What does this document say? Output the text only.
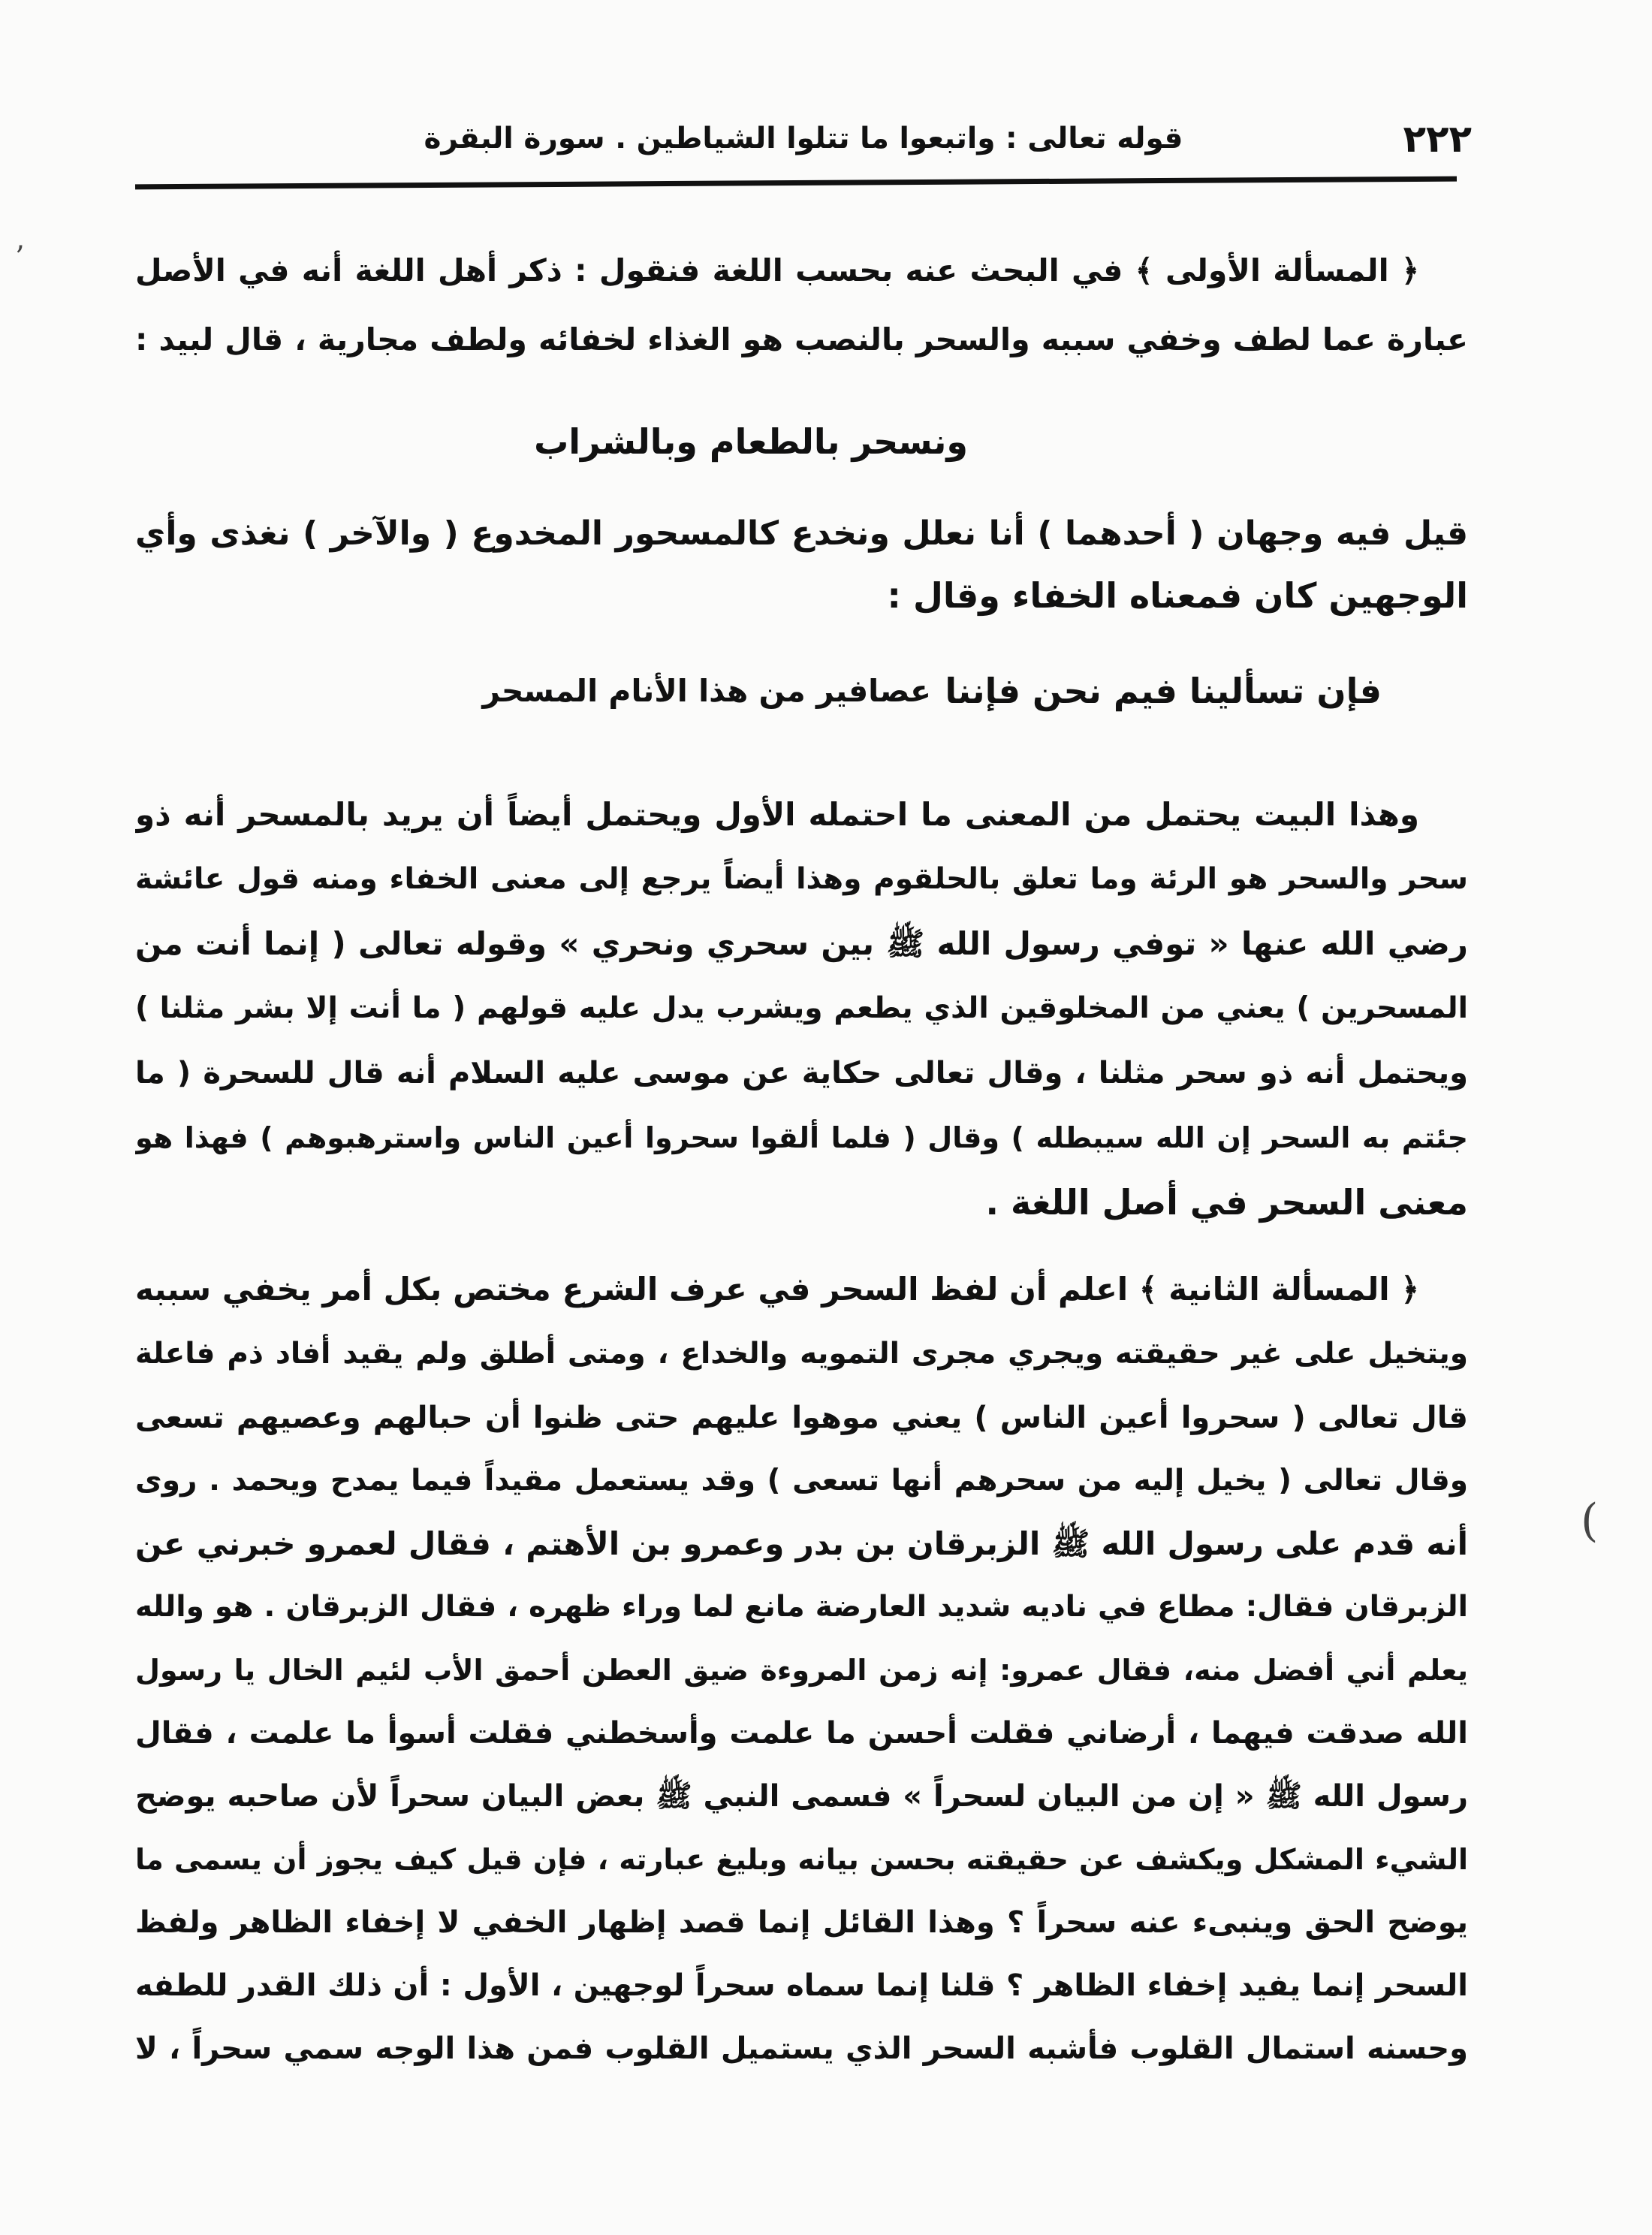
٢٢٢
قوله تعالى : واتبعوا ما تتلوا الشياطين . سورة البقرة
’
(
﴿ المسألة الأولى ﴾ في البحث عنه بحسب اللغة فنقول : ذكر أهل اللغة أنه في الأصل
عبارة عما لطف وخفي سببه والسحر بالنصب هو الغذاء لخفائه ولطف مجارية ، قال لبيد :
ونسحر بالطعام وبالشراب
قيل فيه وجهان ( أحدهما ) أنا نعلل ونخدع كالمسحور المخدوع ( والآخر ) نغذى وأي
الوجهين كان فمعناه الخفاء وقال :
فإن تسألينا فيم نحن فإننا
عصافير من هذا الأنام المسحر
وهذا البيت يحتمل من المعنى ما احتمله الأول ويحتمل أيضاً أن يريد بالمسحر أنه ذو
سحر والسحر هو الرئة وما تعلق بالحلقوم وهذا أيضاً يرجع إلى معنى الخفاء ومنه قول عائشة
رضي الله عنها « توفي رسول الله ﷺ بين سحري ونحري » وقوله تعالى ( إنما أنت من
المسحرين ) يعني من المخلوقين الذي يطعم ويشرب يدل عليه قولهم ( ما أنت إلا بشر مثلنا )
ويحتمل أنه ذو سحر مثلنا ، وقال تعالى حكاية عن موسى عليه السلام أنه قال للسحرة ( ما
جئتم به السحر إن الله سيبطله ) وقال ( فلما ألقوا سحروا أعين الناس واسترهبوهم ) فهذا هو
معنى السحر في أصل اللغة .
﴿ المسألة الثانية ﴾ اعلم أن لفظ السحر في عرف الشرع مختص بكل أمر يخفي سببه
ويتخيل على غير حقيقته ويجري مجرى التمويه والخداع ، ومتى أطلق ولم يقيد أفاد ذم فاعلة
قال تعالى ( سحروا أعين الناس ) يعني موهوا عليهم حتى ظنوا أن حبالهم وعصيهم تسعى
وقال تعالى ( يخيل إليه من سحرهم أنها تسعى ) وقد يستعمل مقيداً فيما يمدح ويحمد . روى
أنه قدم على رسول الله ﷺ الزبرقان بن بدر وعمرو بن الأهتم ، فقال لعمرو خبرني عن
الزبرقان فقال: مطاع في ناديه شديد العارضة مانع لما وراء ظهره ، فقال الزبرقان . هو والله
يعلم أني أفضل منه، فقال عمرو: إنه زمن المروءة ضيق العطن أحمق الأب لئيم الخال يا رسول
الله صدقت فيهما ، أرضاني فقلت أحسن ما علمت وأسخطني فقلت أسوأ ما علمت ، فقال
رسول الله ﷺ « إن من البيان لسحراً » فسمى النبي ﷺ بعض البيان سحراً لأن صاحبه يوضح
الشيء المشكل ويكشف عن حقيقته بحسن بيانه وبليغ عبارته ، فإن قيل كيف يجوز أن يسمى ما
يوضح الحق وينبىء عنه سحراً ؟ وهذا القائل إنما قصد إظهار الخفي لا إخفاء الظاهر ولفظ
السحر إنما يفيد إخفاء الظاهر ؟ قلنا إنما سماه سحراً لوجهين ، الأول : أن ذلك القدر للطفه
وحسنه استمال القلوب فأشبه السحر الذي يستميل القلوب فمن هذا الوجه سمي سحراً ، لا
